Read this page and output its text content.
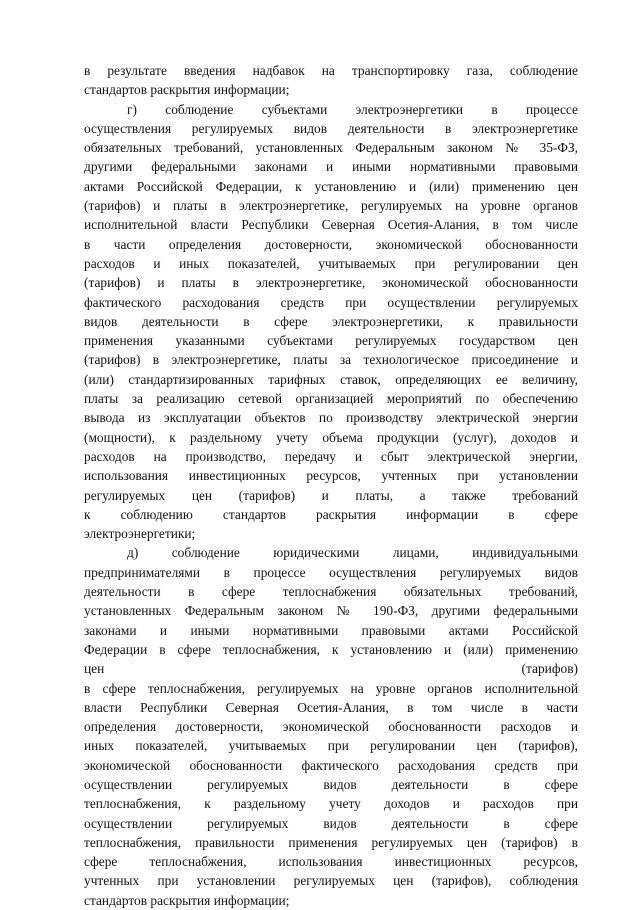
в результате введения надбавок на транспортировку газа, соблюдение
стандартов раскрытия информации;
г) соблюдение субъектами электроэнергетики в процессе
осуществления регулируемых видов деятельности в электроэнергетике
обязательных требований, установленных Федеральным законом № 35-ФЗ,
другими федеральными законами и иными нормативными правовыми
актами Российской Федерации, к установлению и (или) применению цен
(тарифов) и платы в электроэнергетике, регулируемых на уровне органов
исполнительной власти Республики Северная Осетия-Алания, в том числе
в части определения достоверности, экономической обоснованности
расходов и иных показателей, учитываемых при регулировании цен
(тарифов) и платы в электроэнергетике, экономической обоснованности
фактического расходования средств при осуществлении регулируемых
видов деятельности в сфере электроэнергетики, к правильности
применения указанными субъектами регулируемых государством цен
(тарифов) в электроэнергетике, платы за технологическое присоединение и
(или) стандартизированных тарифных ставок, определяющих ее величину,
платы за реализацию сетевой организацией мероприятий по обеспечению
вывода из эксплуатации объектов по производству электрической энергии
(мощности), к раздельному учету объема продукции (услуг), доходов и
расходов на производство, передачу и сбыт электрической энергии,
использования инвестиционных ресурсов, учтенных при установлении
регулируемых цен (тарифов) и платы, а также требований
к соблюдению стандартов раскрытия информации в сфере
электроэнергетики;
д) соблюдение юридическими лицами, индивидуальными
предпринимателями в процессе осуществления регулируемых видов
деятельности в сфере теплоснабжения обязательных требований,
установленных Федеральным законом № 190-ФЗ, другими федеральными
законами и иными нормативными правовыми актами Российской
Федерации в сфере теплоснабжения, к установлению и (или) применению
цен (тарифов)
в сфере теплоснабжения, регулируемых на уровне органов исполнительной
власти Республики Северная Осетия-Алания, в том числе в части
определения достоверности, экономической обоснованности расходов и
иных показателей, учитываемых при регулировании цен (тарифов),
экономической обоснованности фактического расходования средств при
осуществлении регулируемых видов деятельности в сфере
теплоснабжения, к раздельному учету доходов и расходов при
осуществлении регулируемых видов деятельности в сфере
теплоснабжения, правильности применения регулируемых цен (тарифов) в
сфере теплоснабжения, использования инвестиционных ресурсов,
учтенных при установлении регулируемых цен (тарифов), соблюдения
стандартов раскрытия информации;
